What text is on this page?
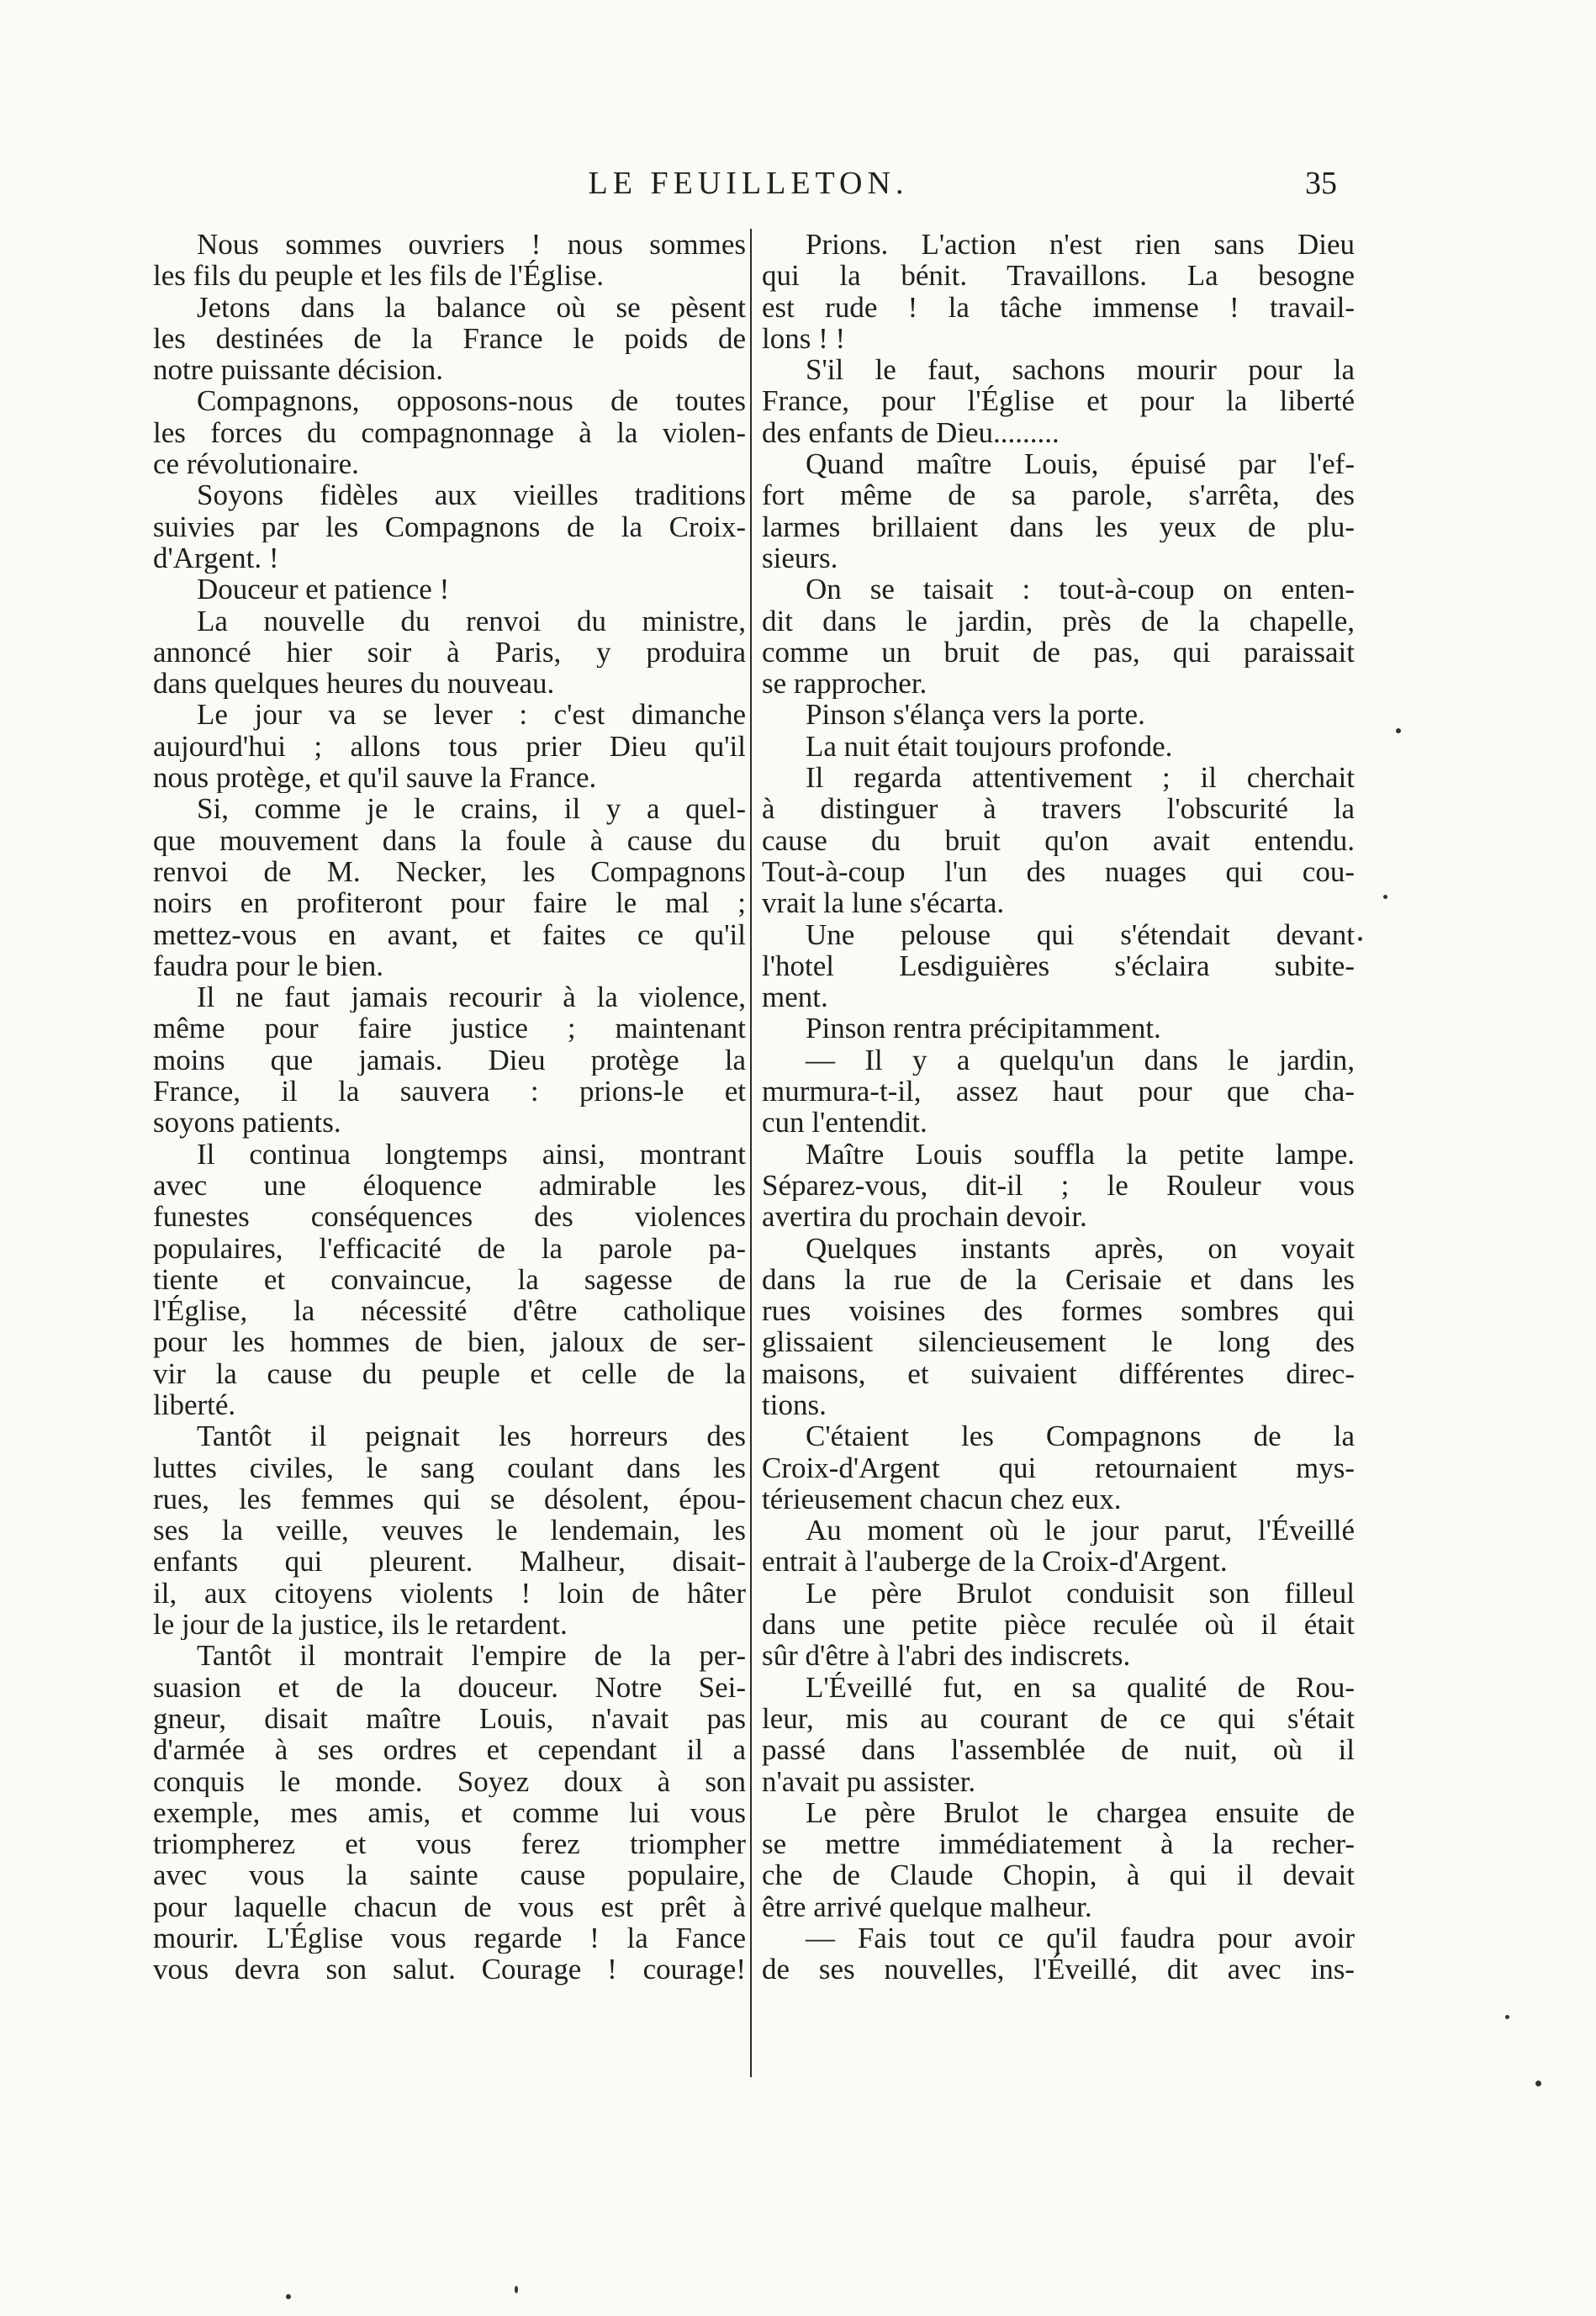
LE FEUILLETON.	35
Nous sommes ouvriers ! nous sommes
les fils du peuple et les fils de l'Église.
Jetons dans la balance où se pèsent
les destinées de la France le poids de
notre puissante décision.
Compagnons, opposons-nous de toutes
les forces du compagnonnage à la violen-
ce révolutionaire.
Soyons fidèles aux vieilles traditions
suivies par les Compagnons de la Croix-
d'Argent. !
Douceur et patience !
La nouvelle du renvoi du ministre,
annoncé hier soir à Paris, y produira
dans quelques heures du nouveau.
Le jour va se lever : c'est dimanche
aujourd'hui ; allons tous prier Dieu qu'il
nous protège, et qu'il sauve la France.
Si, comme je le crains, il y a quel-
que mouvement dans la foule à cause du
renvoi de M. Necker, les Compagnons
noirs en profiteront pour faire le mal ;
mettez-vous en avant, et faites ce qu'il
faudra pour le bien.
Il ne faut jamais recourir à la violence,
même pour faire justice ; maintenant
moins que jamais. Dieu protège la
France, il la sauvera : prions-le et
soyons patients.
Il continua longtemps ainsi, montrant
avec une éloquence admirable les
funestes conséquences des violences
populaires, l'efficacité de la parole pa-
tiente et convaincue, la sagesse de
l'Église, la nécessité d'être catholique
pour les hommes de bien, jaloux de ser-
vir la cause du peuple et celle de la
liberté.
Tantôt il peignait les horreurs des
luttes civiles, le sang coulant dans les
rues, les femmes qui se désolent, épou-
ses la veille, veuves le lendemain, les
enfants qui pleurent. Malheur, disait-
il, aux citoyens violents ! loin de hâter
le jour de la justice, ils le retardent.
Tantôt il montrait l'empire de la per-
suasion et de la douceur. Notre Sei-
gneur, disait maître Louis, n'avait pas
d'armée à ses ordres et cependant il a
conquis le monde. Soyez doux à son
exemple, mes amis, et comme lui vous
triompherez et vous ferez triompher
avec vous la sainte cause populaire,
pour laquelle chacun de vous est prêt à
mourir. L'Église vous regarde ! la Fance
vous devra son salut. Courage ! courage!
Prions. L'action n'est rien sans Dieu
qui la bénit. Travaillons. La besogne
est rude ! la tâche immense ! travail-
lons ! !
S'il le faut, sachons mourir pour la
France, pour l'Église et pour la liberté
des enfants de Dieu.........
Quand maître Louis, épuisé par l'ef-
fort même de sa parole, s'arrêta, des
larmes brillaient dans les yeux de plu-
sieurs.
On se taisait : tout-à-coup on enten-
dit dans le jardin, près de la chapelle,
comme un bruit de pas, qui paraissait
se rapprocher.
Pinson s'élança vers la porte.
La nuit était toujours profonde.
Il regarda attentivement ; il cherchait
à distinguer à travers l'obscurité la
cause du bruit qu'on avait entendu.
Tout-à-coup l'un des nuages qui cou-
vrait la lune s'écarta.
Une pelouse qui s'étendait devant
l'hotel Lesdiguières s'éclaira subite-
ment.
Pinson rentra précipitamment.
— Il y a quelqu'un dans le jardin,
murmura-t-il, assez haut pour que cha-
cun l'entendit.
Maître Louis souffla la petite lampe.
Séparez-vous, dit-il ; le Rouleur vous
avertira du prochain devoir.
Quelques instants après, on voyait
dans la rue de la Cerisaie et dans les
rues voisines des formes sombres qui
glissaient silencieusement le long des
maisons, et suivaient différentes direc-
tions.
C'étaient les Compagnons de la
Croix-d'Argent qui retournaient mys-
térieusement chacun chez eux.
Au moment où le jour parut, l'Éveillé
entrait à l'auberge de la Croix-d'Argent.
Le père Brulot conduisit son filleul
dans une petite pièce reculée où il était
sûr d'être à l'abri des indiscrets.
L'Éveillé fut, en sa qualité de Rou-
leur, mis au courant de ce qui s'était
passé dans l'assemblée de nuit, où il
n'avait pu assister.
Le père Brulot le chargea ensuite de
se mettre immédiatement à la recher-
che de Claude Chopin, à qui il devait
être arrivé quelque malheur.
— Fais tout ce qu'il faudra pour avoir
de ses nouvelles, l'Éveillé, dit avec ins-
